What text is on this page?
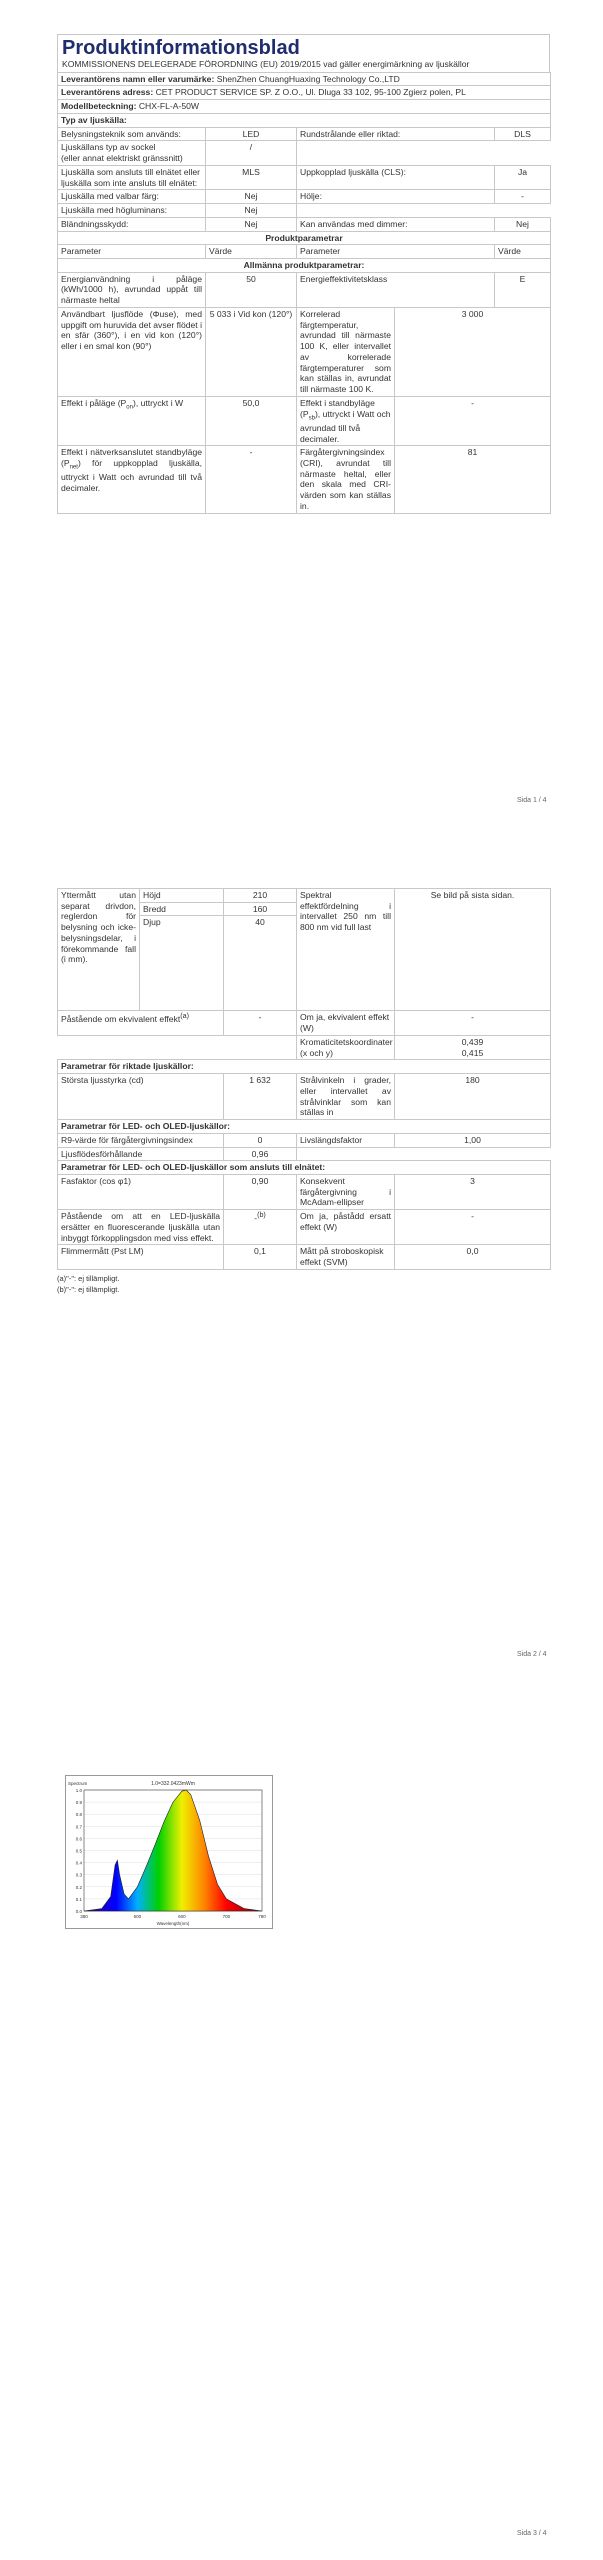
Produktinformationsblad
KOMMISSIONENS DELEGERADE FÖRORDNING (EU) 2019/2015 vad gäller energimärkning av ljuskällor
Leverantörens namn eller varumärke: ShenZhen ChuangHuaxing Technology Co.,LTD				
Leverantörens adress: CET PRODUCT SERVICE SP. Z O.O., Ul. Dluga 33 102, 95-100 Zgierz polen, PL				
Modellbeteckning: CHX-FL-A-50W				
Typ av ljuskälla:				
Belysningsteknik som används:	LED	Rundstrålande eller riktad:		DLS

Ljuskällans typ av sockel
(eller annat elektriskt gränssnitt)	/			
Ljuskälla som ansluts till elnätet eller ljuskälla som inte ansluts till elnätet:	MLS	Uppkopplad ljuskälla (CLS):		Ja
Ljuskälla med valbar färg:	Nej	Hölje:		-
Ljuskälla med högluminans:	Nej			
Bländningsskydd:	Nej	Kan användas med dimmer:		Nej
Produktparametrar				
Parameter	Värde	Parameter		Värde
Allmänna produktparametrar:				
Energianvändning i påläge (kWh/1000 h), avrundad uppåt till närmaste heltal	50	Energieffektivitetsklass		E
Användbart ljusflöde (Φuse), med uppgift om huruvida det avser flödet i en sfär (360°), i en vid kon (120°) eller i en smal kon (90°)	5 033 i Vid kon (120°)	Korrelerad färgtemperatur, avrundad till närmaste 100 K, eller intervallet av korrelerade färgtemperaturer som kan ställas in, avrundat till närmaste 100 K.	3 000	
Effekt i påläge $(P_{on})$, uttryckt i W	50,0	Effekt i standbyläge $(P_{sb})$, uttryckt i Watt och avrundad till två decimaler.	-	
Effekt i nätverksanslutet standbyläge $(P_{net})$ för uppkopplad ljuskälla, uttryckt i Watt och avrundad till två decimaler.	-	Färgåtergivningsindex (CRI), avrundat till närmaste heltal, eller den skala med CRI-värden som kan ställas in.	81	
Sida 1 / 4
Yttermått utan separat drivdon, reglerdon för belysning och icke-belysningsdelar, i förekommande fall (i mm).	Höjd	210	Spektral effektfördelning i intervallet 250 nm till 800 nm vid full last	Se bild på sista sidan.
	Bredd	160		
	Djup	40		
Påstående om ekvivalent effekt$^{(a)}$		-	Om ja, ekvivalent effekt (W)	-
			Kromaticitetskoordinater (x och y)	0,439
0,415

Parametrar för riktade ljuskällor:				
Största ljusstyrka (cd)		1 632	Strålvinkeln i grader, eller intervallet av strålvinklar som kan ställas in	180
Parametrar för LED- och OLED-ljuskällor:				
R9-värde för färgåtergivningsindex		0	Livslängdsfaktor	1,00
Ljusflödesförhållande		0,96		
Parametrar för LED- och OLED-ljuskällor som ansluts till elnätet:				
Fasfaktor (cos φ1)		0,90	Konsekvent färgåtergivning i McAdam-ellipser	3
Påstående om att en LED-ljuskälla ersätter en fluorescerande ljuskälla utan inbyggt förkopplingsdon med viss effekt.		-$^{(b)}$	Om ja, påstådd ersatt effekt (W)	-
Flimmermått (Pst LM)		0,1	Mått på stroboskopisk effekt (SVM)	0,0
(a)"-": ej tillämpligt.
(b)"-": ej tillämpligt.
Sida 2 / 4
1.0
0.9
0.8
0.7
0.6
0.5
0.4
0.3
0.2
0.1
0.0
380	500	600	700	780
1.0=332.0423mWm
Spectrum
Wavelength(nm)
Sida 3 / 4
